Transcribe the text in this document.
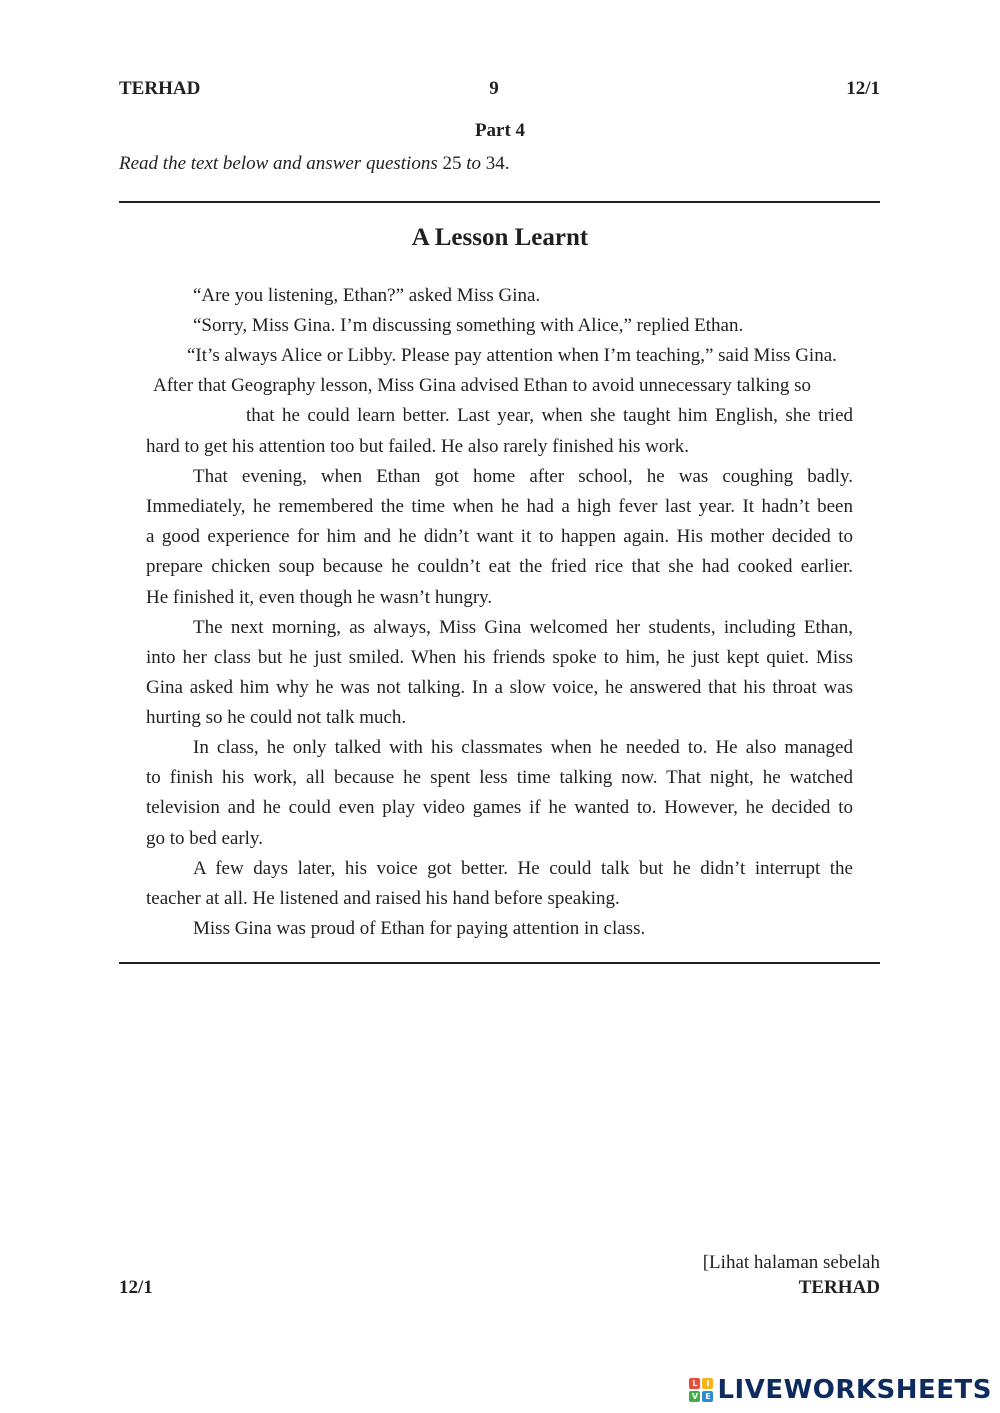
TERHAD	9	12/1
Part 4
Read the text below and answer questions 25 to 34.
A Lesson Learnt
“Are you listening, Ethan?” asked Miss Gina.
“Sorry, Miss Gina. I’m discussing something with Alice,” replied Ethan.
“It’s always Alice or Libby. Please pay attention when I’m teaching,” said Miss Gina.
After that Geography lesson, Miss Gina advised Ethan to avoid unnecessary talking so
that he could learn better. Last year, when she taught him English, she tried
hard to get his attention too but failed. He also rarely finished his work.
That evening, when Ethan got home after school, he was coughing badly.
Immediately, he remembered the time when he had a high fever last year. It hadn’t been
a good experience for him and he didn’t want it to happen again. His mother decided to
prepare chicken soup because he couldn’t eat the fried rice that she had cooked earlier.
He finished it, even though he wasn’t hungry.
The next morning, as always, Miss Gina welcomed her students, including Ethan,
into her class but he just smiled. When his friends spoke to him, he just kept quiet. Miss
Gina asked him why he was not talking. In a slow voice, he answered that his throat was
hurting so he could not talk much.
In class, he only talked with his classmates when he needed to. He also managed
to finish his work, all because he spent less time talking now. That night, he watched
television and he could even play video games if he wanted to. However, he decided to
go to bed early.
A few days later, his voice got better. He could talk but he didn’t interrupt the
teacher at all. He listened and raised his hand before speaking.
Miss Gina was proud of Ethan for paying attention in class.
[Lihat halaman sebelah
12/1	TERHAD
L	I
V E LIVEWORKSHEETS
